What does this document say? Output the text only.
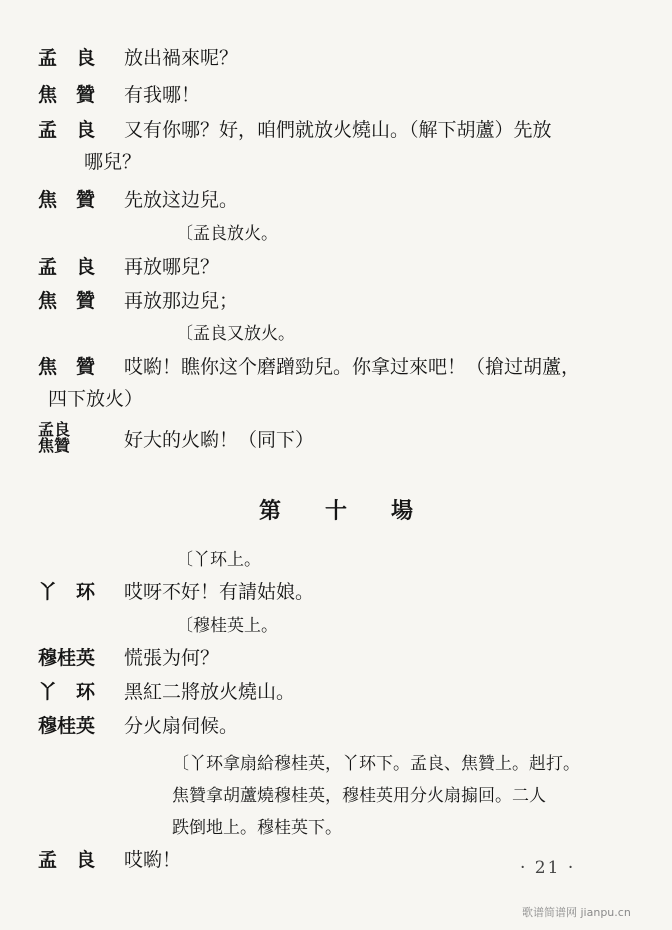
孟　良 放出禍來呢？
焦　贊 有我哪！
孟　良 又有你哪？好，咱們就放火燒山。（解下胡蘆）先放
哪兒？
焦　贊 先放这边兒。
〔孟良放火。
孟　良 再放哪兒？
焦　贊 再放那边兒；
〔孟良又放火。
焦　贊 哎喲！瞧你这个磨蹭勁兒。你拿过來吧！（搶过胡蘆，
四下放火）
孟良
焦贊	好大的火喲！（同下）
第十場
〔丫环上。
丫　环 哎呀不好！有請姑娘。
〔穆桂英上。
穆桂英 慌張为何？
丫　环 黑紅二將放火燒山。
穆桂英 分火扇伺候。
〔丫环拿扇給穆桂英，丫环下。孟良、焦贊上。赳打。
焦贊拿胡蘆燒穆桂英，穆桂英用分火扇搧回。二人
跌倒地上。穆桂英下。
孟　良 哎喲！	· 21 ·
歌谱简谱网 jianpu.cn
